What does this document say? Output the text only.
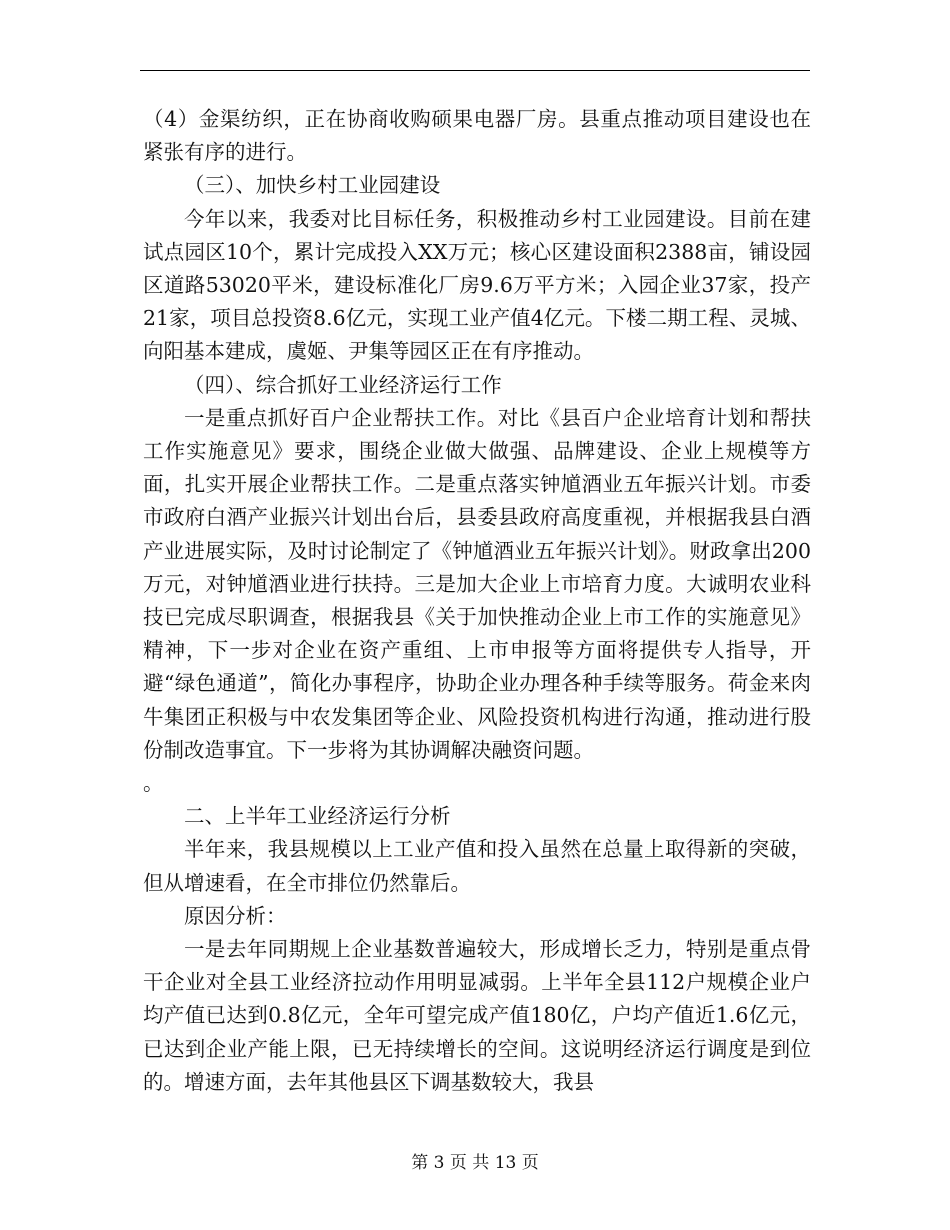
（4）金渠纺织，正在协商收购硕果电器厂房。县重点推动项目建设也在紧张有序的进行。

（三）、加快乡村工业园建设

今年以来，我委对比目标任务，积极推动乡村工业园建设。目前在建试点园区10个，累计完成投入XX万元；核心区建设面积2388亩，铺设园区道路53020平米，建设标准化厂房9.6万平方米；入园企业37家，投产21家，项目总投资8.6亿元，实现工业产值4亿元。下楼二期工程、灵城、向阳基本建成，虞姬、尹集等园区正在有序推动。

（四）、综合抓好工业经济运行工作

一是重点抓好百户企业帮扶工作。对比《县百户企业培育计划和帮扶工作实施意见》要求，围绕企业做大做强、品牌建设、企业上规模等方面，扎实开展企业帮扶工作。二是重点落实钟馗酒业五年振兴计划。市委市政府白酒产业振兴计划出台后，县委县政府高度重视，并根据我县白酒产业进展实际，及时讨论制定了《钟馗酒业五年振兴计划》。财政拿出200万元，对钟馗酒业进行扶持。三是加大企业上市培育力度。大诚明农业科技已完成尽职调查，根据我县《关于加快推动企业上市工作的实施意见》精神，下一步对企业在资产重组、上市申报等方面将提供专人指导，开避“绿色通道”，简化办事程序，协助企业办理各种手续等服务。荷金来肉牛集团正积极与中农发集团等企业、风险投资机构进行沟通，推动进行股份制改造事宜。下一步将为其协调解决融资问题。

。

二、上半年工业经济运行分析

半年来，我县规模以上工业产值和投入虽然在总量上取得新的突破，但从增速看，在全市排位仍然靠后。

原因分析：

一是去年同期规上企业基数普遍较大，形成增长乏力，特别是重点骨干企业对全县工业经济拉动作用明显减弱。上半年全县112户规模企业户均产值已达到0.8亿元，全年可望完成产值180亿，户均产值近1.6亿元，已达到企业产能上限，已无持续增长的空间。这说明经济运行调度是到位的。增速方面，去年其他县区下调基数较大，我县

第 3 页 共 13 页
